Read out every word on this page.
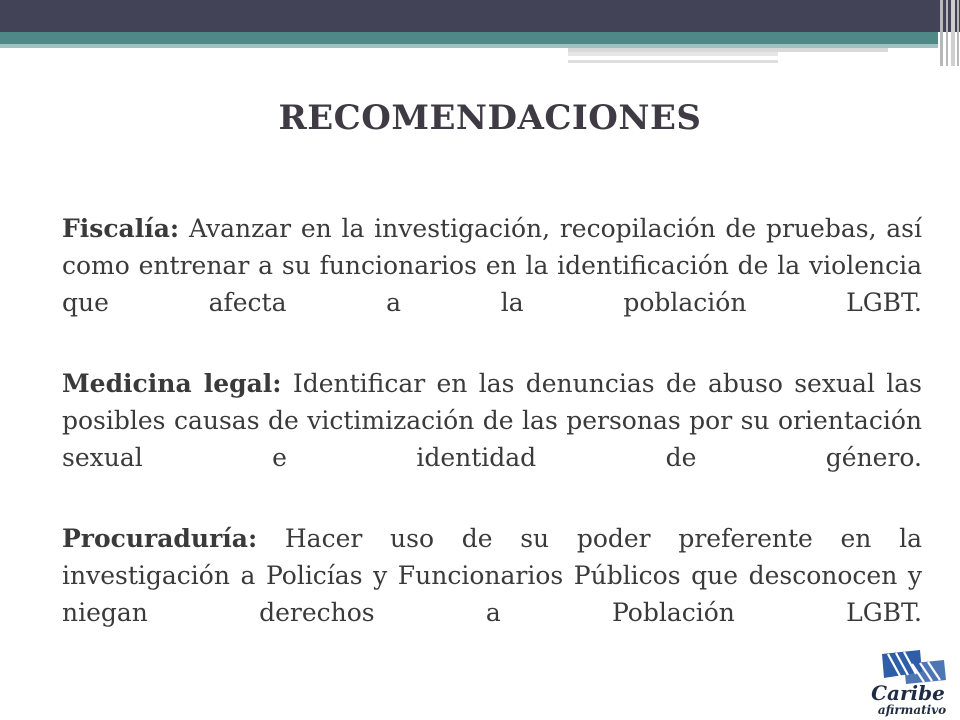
RECOMENDACIONES

Fiscalía: Avanzar en la investigación, recopilación de pruebas, así como entrenar a su funcionarios en la identificación de la violencia que afecta a la población LGBT.

Medicina legal: Identificar en las denuncias de abuso sexual las posibles causas de victimización de las personas por su orientación sexual e identidad de género.

Procuraduría: Hacer uso de su poder preferente en la investigación a Policías y Funcionarios Públicos que desconocen y niegan derechos a Población LGBT.

Caribe
afirmativo
